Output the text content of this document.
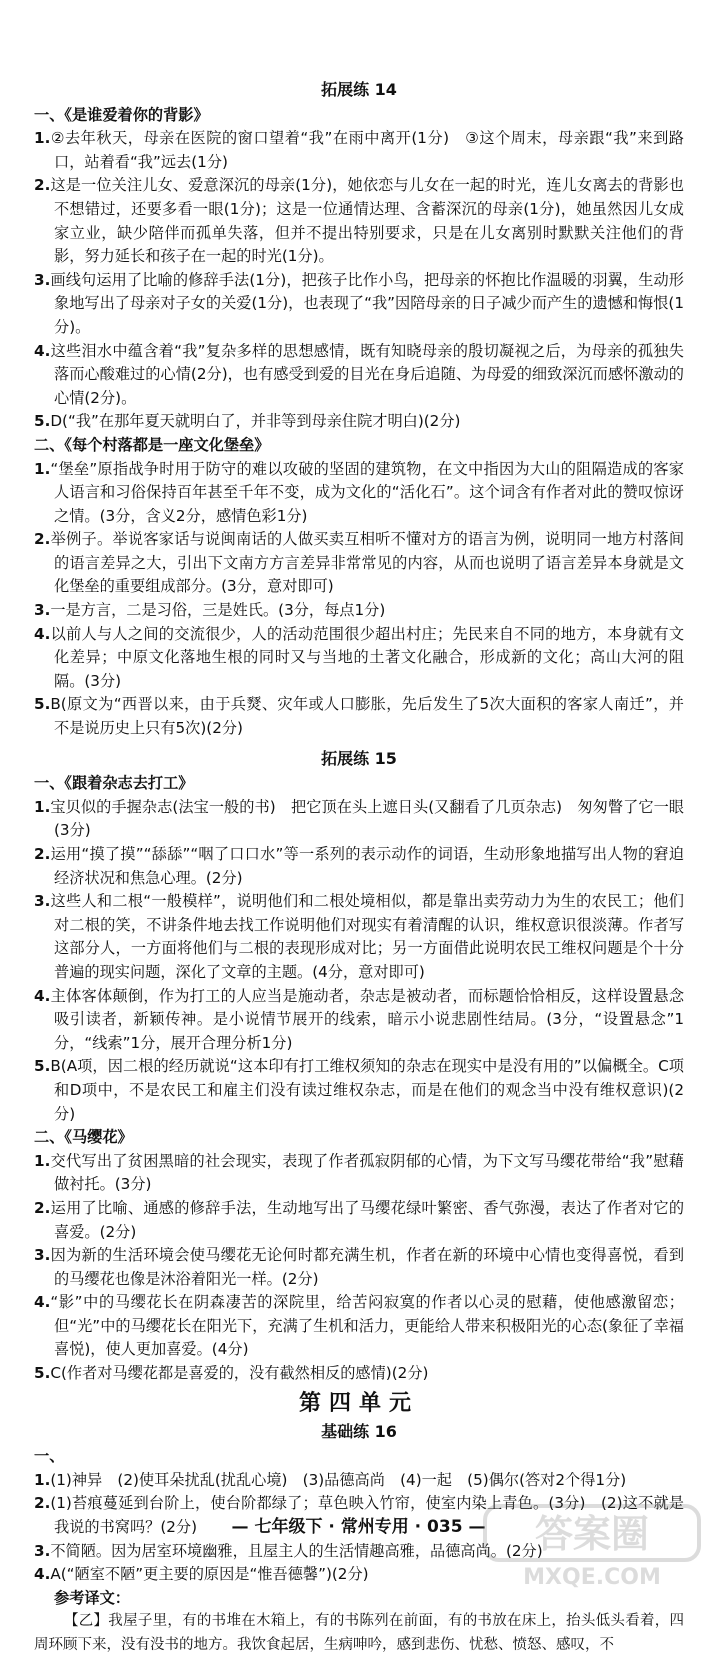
拓展练 14
一、《是谁爱着你的背影》
1.②去年秋天，母亲在医院的窗口望着“我”在雨中离开(1分)　③这个周末，母亲跟“我”来到路口，站着看“我”远去(1分)
2.这是一位关注儿女、爱意深沉的母亲(1分)，她依恋与儿女在一起的时光，连儿女离去的背影也不想错过，还要多看一眼(1分)；这是一位通情达理、含蓄深沉的母亲(1分)，她虽然因儿女成家立业，缺少陪伴而孤单失落，但并不提出特别要求，只是在儿女离别时默默关注他们的背影，努力延长和孩子在一起的时光(1分)。
3.画线句运用了比喻的修辞手法(1分)，把孩子比作小鸟，把母亲的怀抱比作温暖的羽翼，生动形象地写出了母亲对子女的关爱(1分)，也表现了“我”因陪母亲的日子减少而产生的遗憾和悔恨(1分)。
4.这些泪水中蕴含着“我”复杂多样的思想感情，既有知晓母亲的殷切凝视之后，为母亲的孤独失落而心酸难过的心情(2分)，也有感受到爱的目光在身后追随、为母爱的细致深沉而感怀激动的心情(2分)。
5.D(“我”在那年夏天就明白了，并非等到母亲住院才明白)(2分)
二、《每个村落都是一座文化堡垒》
1.“堡垒”原指战争时用于防守的难以攻破的坚固的建筑物，在文中指因为大山的阻隔造成的客家人语言和习俗保持百年甚至千年不变，成为文化的“活化石”。这个词含有作者对此的赞叹惊讶之情。(3分，含义2分，感情色彩1分)
2.举例子。举说客家话与说闽南话的人做买卖互相听不懂对方的语言为例，说明同一地方村落间的语言差异之大，引出下文南方方言差异非常常见的内容，从而也说明了语言差异本身就是文化堡垒的重要组成部分。(3分，意对即可)
3.一是方言，二是习俗，三是姓氏。(3分，每点1分)
4.以前人与人之间的交流很少，人的活动范围很少超出村庄；先民来自不同的地方，本身就有文化差异；中原文化落地生根的同时又与当地的土著文化融合，形成新的文化；高山大河的阻隔。(3分)
5.B(原文为“西晋以来，由于兵燹、灾年或人口膨胀，先后发生了5次大面积的客家人南迁”，并不是说历史上只有5次)(2分)
拓展练 15
一、《跟着杂志去打工》
1.宝贝似的手握杂志(法宝一般的书)　把它顶在头上遮日头(又翻看了几页杂志)　匆匆瞥了它一眼(3分)
2.运用“摸了摸”“舔舔”“咽了口口水”等一系列的表示动作的词语，生动形象地描写出人物的窘迫经济状况和焦急心理。(2分)
3.这些人和二根“一般模样”，说明他们和二根处境相似，都是靠出卖劳动力为生的农民工；他们对二根的笑，不讲条件地去找工作说明他们对现实有着清醒的认识，维权意识很淡薄。作者写这部分人，一方面将他们与二根的表现形成对比；另一方面借此说明农民工维权问题是个十分普遍的现实问题，深化了文章的主题。(4分，意对即可)
4.主体客体颠倒，作为打工的人应当是施动者，杂志是被动者，而标题恰恰相反，这样设置悬念吸引读者，新颖传神。是小说情节展开的线索，暗示小说悲剧性结局。(3分，“设置悬念”1分，“线索”1分，展开合理分析1分)
5.B(A项，因二根的经历就说“这本印有打工维权须知的杂志在现实中是没有用的”以偏概全。C项和D项中，不是农民工和雇主们没有读过维权杂志，而是在他们的观念当中没有维权意识)(2分)
二、《马缨花》
1.交代写出了贫困黑暗的社会现实，表现了作者孤寂阴郁的心情，为下文写马缨花带给“我”慰藉做衬托。(3分)
2.运用了比喻、通感的修辞手法，生动地写出了马缨花绿叶繁密、香气弥漫，表达了作者对它的喜爱。(2分)
3.因为新的生活环境会使马缨花无论何时都充满生机，作者在新的环境中心情也变得喜悦，看到的马缨花也像是沐浴着阳光一样。(2分)
4.“影”中的马缨花长在阴森凄苦的深院里，给苦闷寂寞的作者以心灵的慰藉，使他感激留恋；但“光”中的马缨花长在阳光下，充满了生机和活力，更能给人带来积极阳光的心态(象征了幸福喜悦)，使人更加喜爱。(4分)
5.C(作者对马缨花都是喜爱的，没有截然相反的感情)(2分)
第四单元
基础练 16
一、
1.(1)神异　(2)使耳朵扰乱(扰乱心境)　(3)品德高尚　(4)一起　(5)偶尔(答对2个得1分)
2.(1)苔痕蔓延到台阶上，使台阶都绿了；草色映入竹帘，使室内染上青色。(3分)　(2)这不就是我说的书窝吗？(2分)
3.不简陋。因为居室环境幽雅，且屋主人的生活情趣高雅，品德高尚。(2分)
4.A(“陋室不陋”更主要的原因是“惟吾德馨”)(2分)
参考译文：
【乙】我屋子里，有的书堆在木箱上，有的书陈列在前面，有的书放在床上，抬头低头看着，四周环顾下来，没有没书的地方。我饮食起居，生病呻吟，感到悲伤、忧愁、愤怒、感叹，不
— 七年级下 · 常州专用 · 035 —	答案圈
MXQE.COM
